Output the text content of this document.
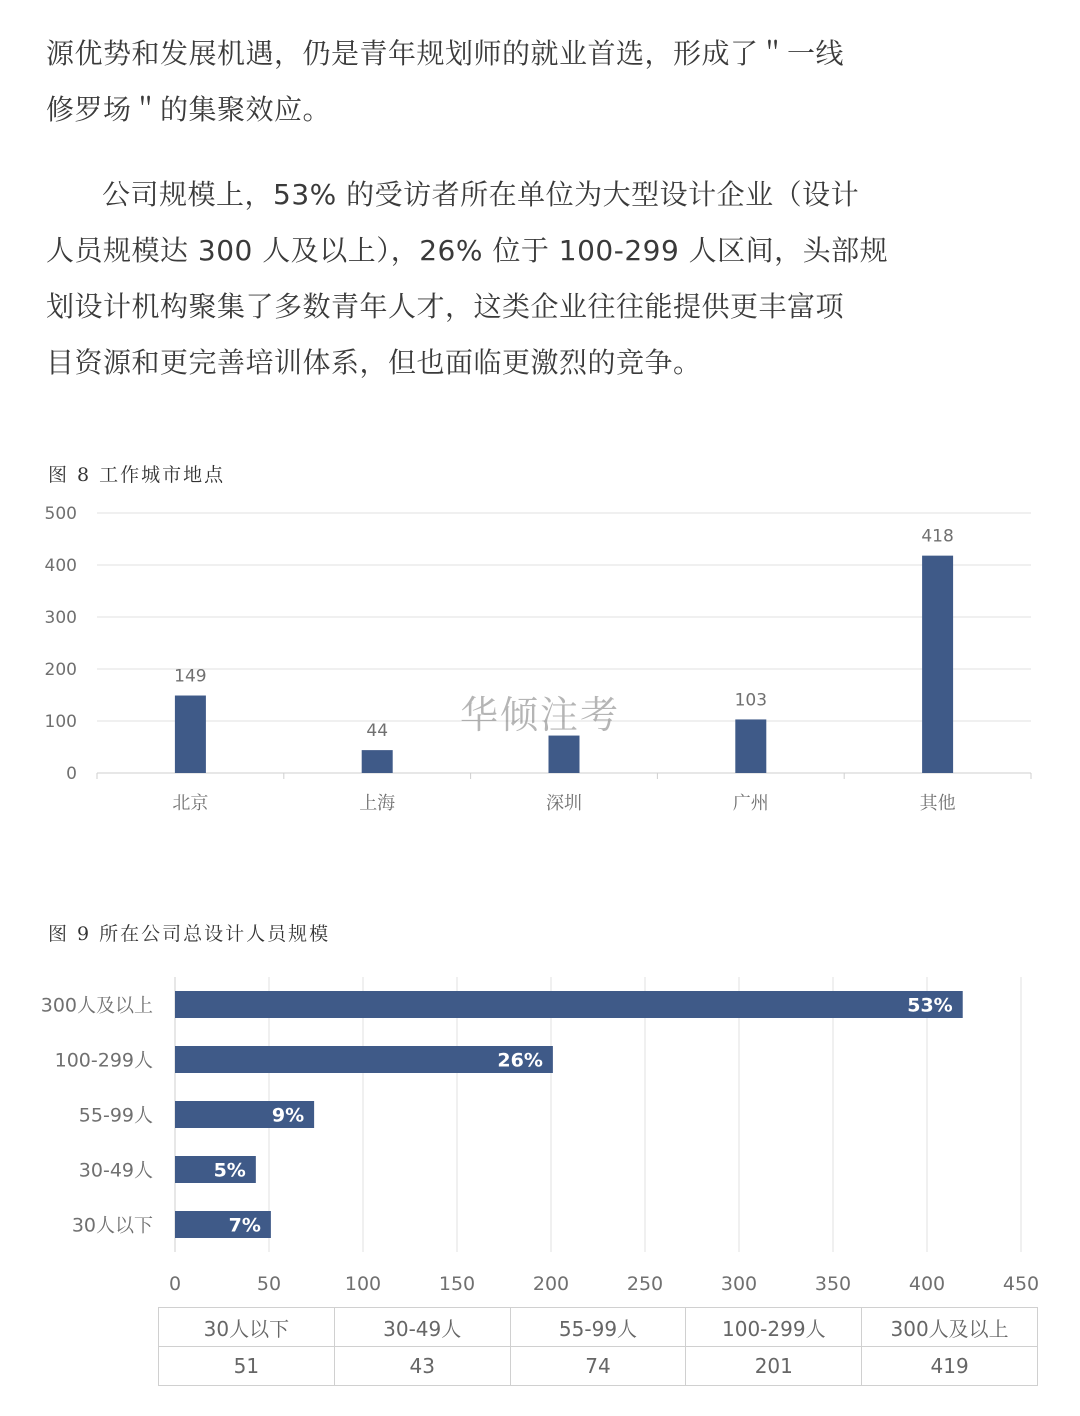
源优势和发展机遇，仍是青年规划师的就业首选，形成了＂一线
修罗场＂的集聚效应。
公司规模上，53% 的受访者所在单位为大型设计企业（设计
人员规模达 300 人及以上），26% 位于 100-299 人区间，头部规
划设计机构聚集了多数青年人才，这类企业往往能提供更丰富项
目资源和更完善培训体系，但也面临更激烈的竞争。
图 8 工作城市地点
0
100
200
300
400
500
149
北京
44
上海	深圳
103
广州
418
其他
华倾注考
图 9 所在公司总设计人员规模
0	50	100	150	200	250	300	350	400	450
53%
300人及以上
26%
100-299人
9%
55-99人
5%
30-49人
7%
30人以下
30人以下	30-49人	55-99人	100-299人	300人及以上
51	43	74	201	419
